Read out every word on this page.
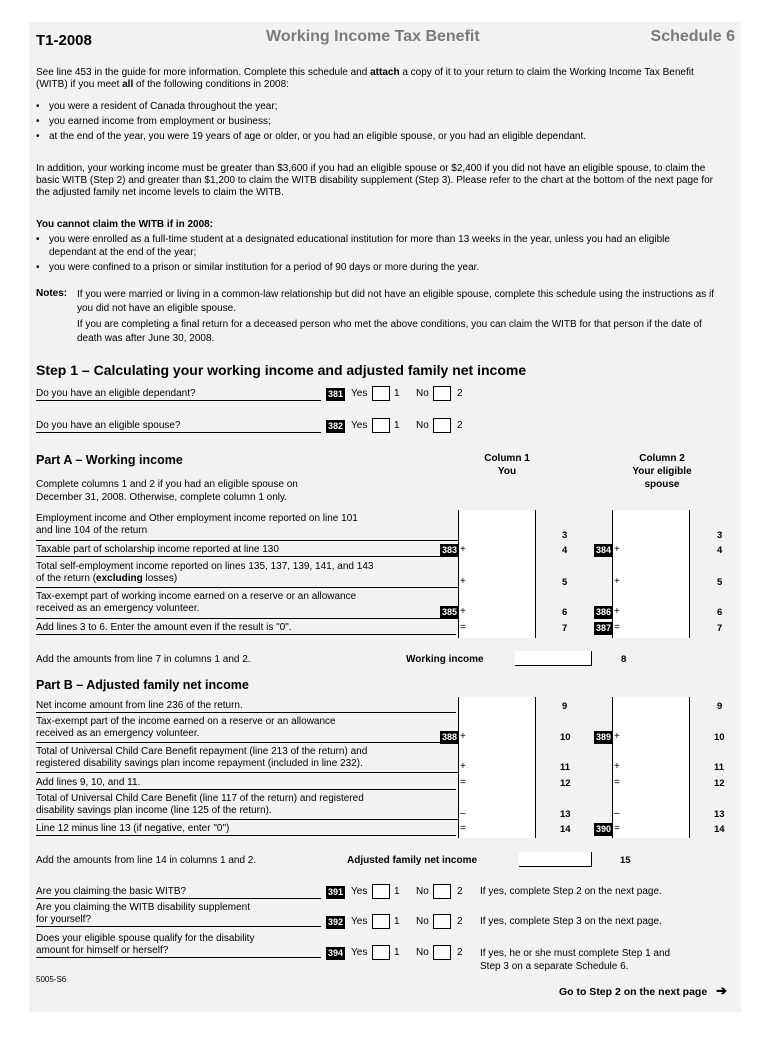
T1-2008	Working Income Tax Benefit	Schedule 6
See line 453 in the guide for more information. Complete this schedule and attach a copy of it to your return to claim the Working Income Tax Benefit (WITB) if you meet all of the following conditions in 2008:
• you were a resident of Canada throughout the year;
• you earned income from employment or business;
• at the end of the year, you were 19 years of age or older, or you had an eligible spouse, or you had an eligible dependant.
In addition, your working income must be greater than $3,600 if you had an eligible spouse or $2,400 if you did not have an eligible spouse, to claim the basic WITB (Step 2) and greater than $1,200 to claim the WITB disability supplement (Step 3). Please refer to the chart at the bottom of the next page for the adjusted family net income levels to claim the WITB.
You cannot claim the WITB if in 2008:
• you were enrolled as a full-time student at a designated educational institution for more than 13 weeks in the year, unless you had an eligible dependant at the end of the year;
• you were confined to a prison or similar institution for a period of 90 days or more during the year.
Notes: If you were married or living in a common-law relationship but did not have an eligible spouse, complete this schedule using the instructions as if you did not have an eligible spouse.
If you are completing a final return for a deceased person who met the above conditions, you can claim the WITB for that person if the date of death was after June 30, 2008.
Step 1 – Calculating your working income and adjusted family net income
Do you have an eligible dependant?	381 Yes	1 No	2
Do you have an eligible spouse?	382 Yes	1 No	2
Part A – Working income
Complete columns 1 and 2 if you had an eligible spouse on December 31, 2008. Otherwise, complete column 1 only.
Column 1
You
Column 2
Your eligible
spouse
Employment income and Other employment income reported on line 101
and line 104 of the return	3	3
Taxable part of scholarship income reported at line 130	383 +	4	384 +	4
Total self-employment income reported on lines 135, 137, 139, 141, and 143
of the return (excluding losses)	+	5	+	5
Tax-exempt part of working income earned on a reserve or an allowance
received as an emergency volunteer.	385 +	6	386 +	6
Add lines 3 to 6. Enter the amount even if the result is "0".	=	7	387 =	7
Add the amounts from line 7 in columns 1 and 2.	Working income	8
Part B – Adjusted family net income
Net income amount from line 236 of the return.	9	9
Tax-exempt part of the income earned on a reserve or an allowance
received as an emergency volunteer.	388 +	10	389 +	10
Total of Universal Child Care Benefit repayment (line 213 of the return) and
registered disability savings plan income repayment (included in line 232).	+	11	+	11
Add lines 9, 10, and 11.	=	12	=	12
Total of Universal Child Care Benefit (line 117 of the return) and registered
disability savings plan income (line 125 of the return).	–	13	–	13
Line 12 minus line 13 (if negative, enter "0")	=	14	390 =	14
Add the amounts from line 14 in columns 1 and 2.	Adjusted family net income	15
Are you claiming the basic WITB?	391 Yes	1 No	2 If yes, complete Step 2 on the next page.
Are you claiming the WITB disability supplement
for yourself?	392 Yes	1 No	2 If yes, complete Step 3 on the next page.
Does your eligible spouse qualify for the disability
amount for himself or herself?	394 Yes	1 No	2 If yes, he or she must complete Step 1 and
Step 3 on a separate Schedule 6.
5005-S6
Go to Step 2 on the next page ➔
